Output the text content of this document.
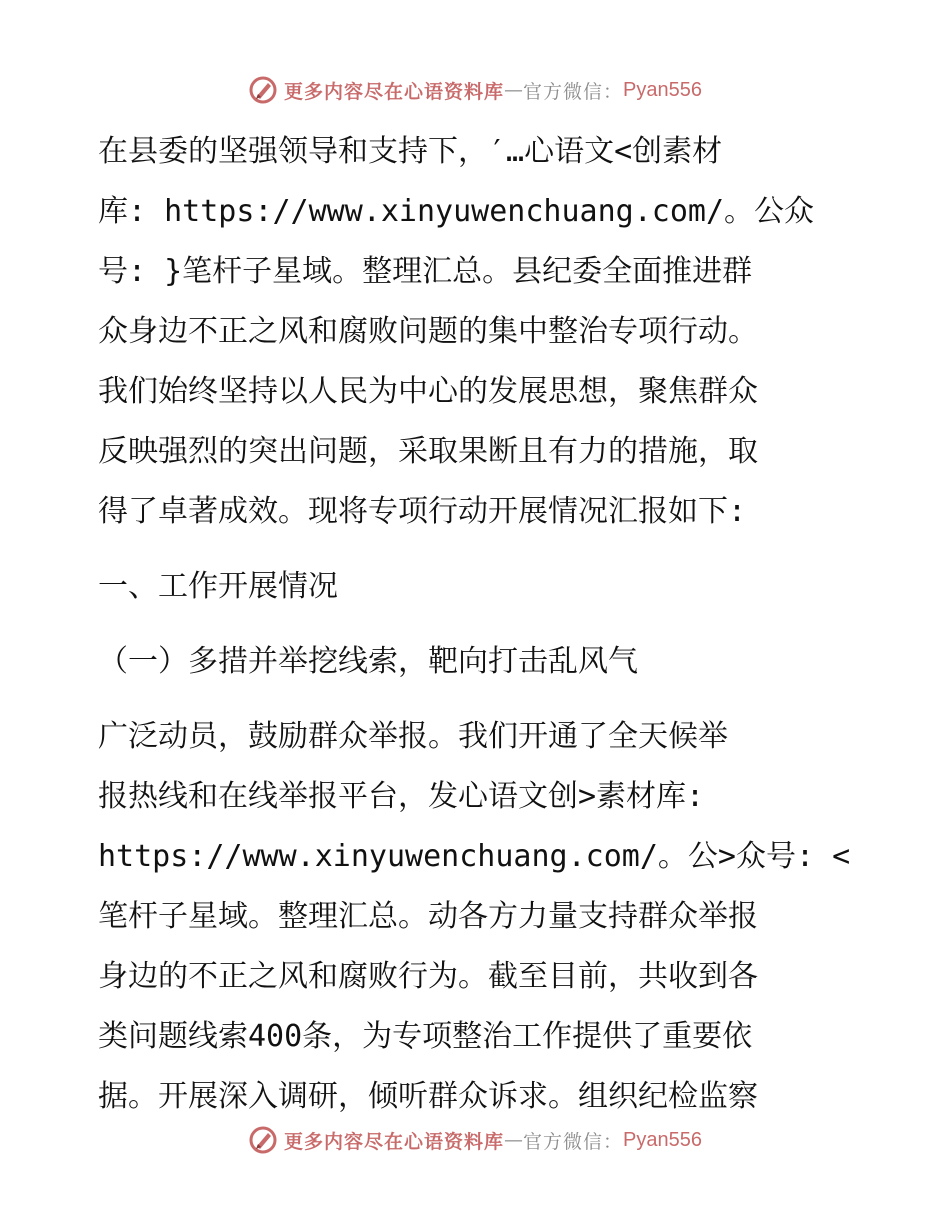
更多内容尽在心语资料库 — 官方微信： Pyan556

在县委的坚强领导和支持下，′…心语文<创素材

库: https://www.xinyuwenchuang.com/。公众

号: }笔杆子星域。整理汇总。县纪委全面推进群

众身边不正之风和腐败问题的集中整治专项行动。

我们始终坚持以人民为中心的发展思想，聚焦群众

反映强烈的突出问题，采取果断且有力的措施，取

得了卓著成效。现将专项行动开展情况汇报如下:

一、工作开展情况

（一）多措并举挖线索，靶向打击乱风气

广泛动员，鼓励群众举报。我们开通了全天候举

报热线和在线举报平台，发心语文创>素材库:

https://www.xinyuwenchuang.com/。公>众号: <

笔杆子星域。整理汇总。动各方力量支持群众举报

身边的不正之风和腐败行为。截至目前，共收到各

类问题线索400条，为专项整治工作提供了重要依

据。开展深入调研，倾听群众诉求。组织纪检监察

更多内容尽在心语资料库 — 官方微信： Pyan556
